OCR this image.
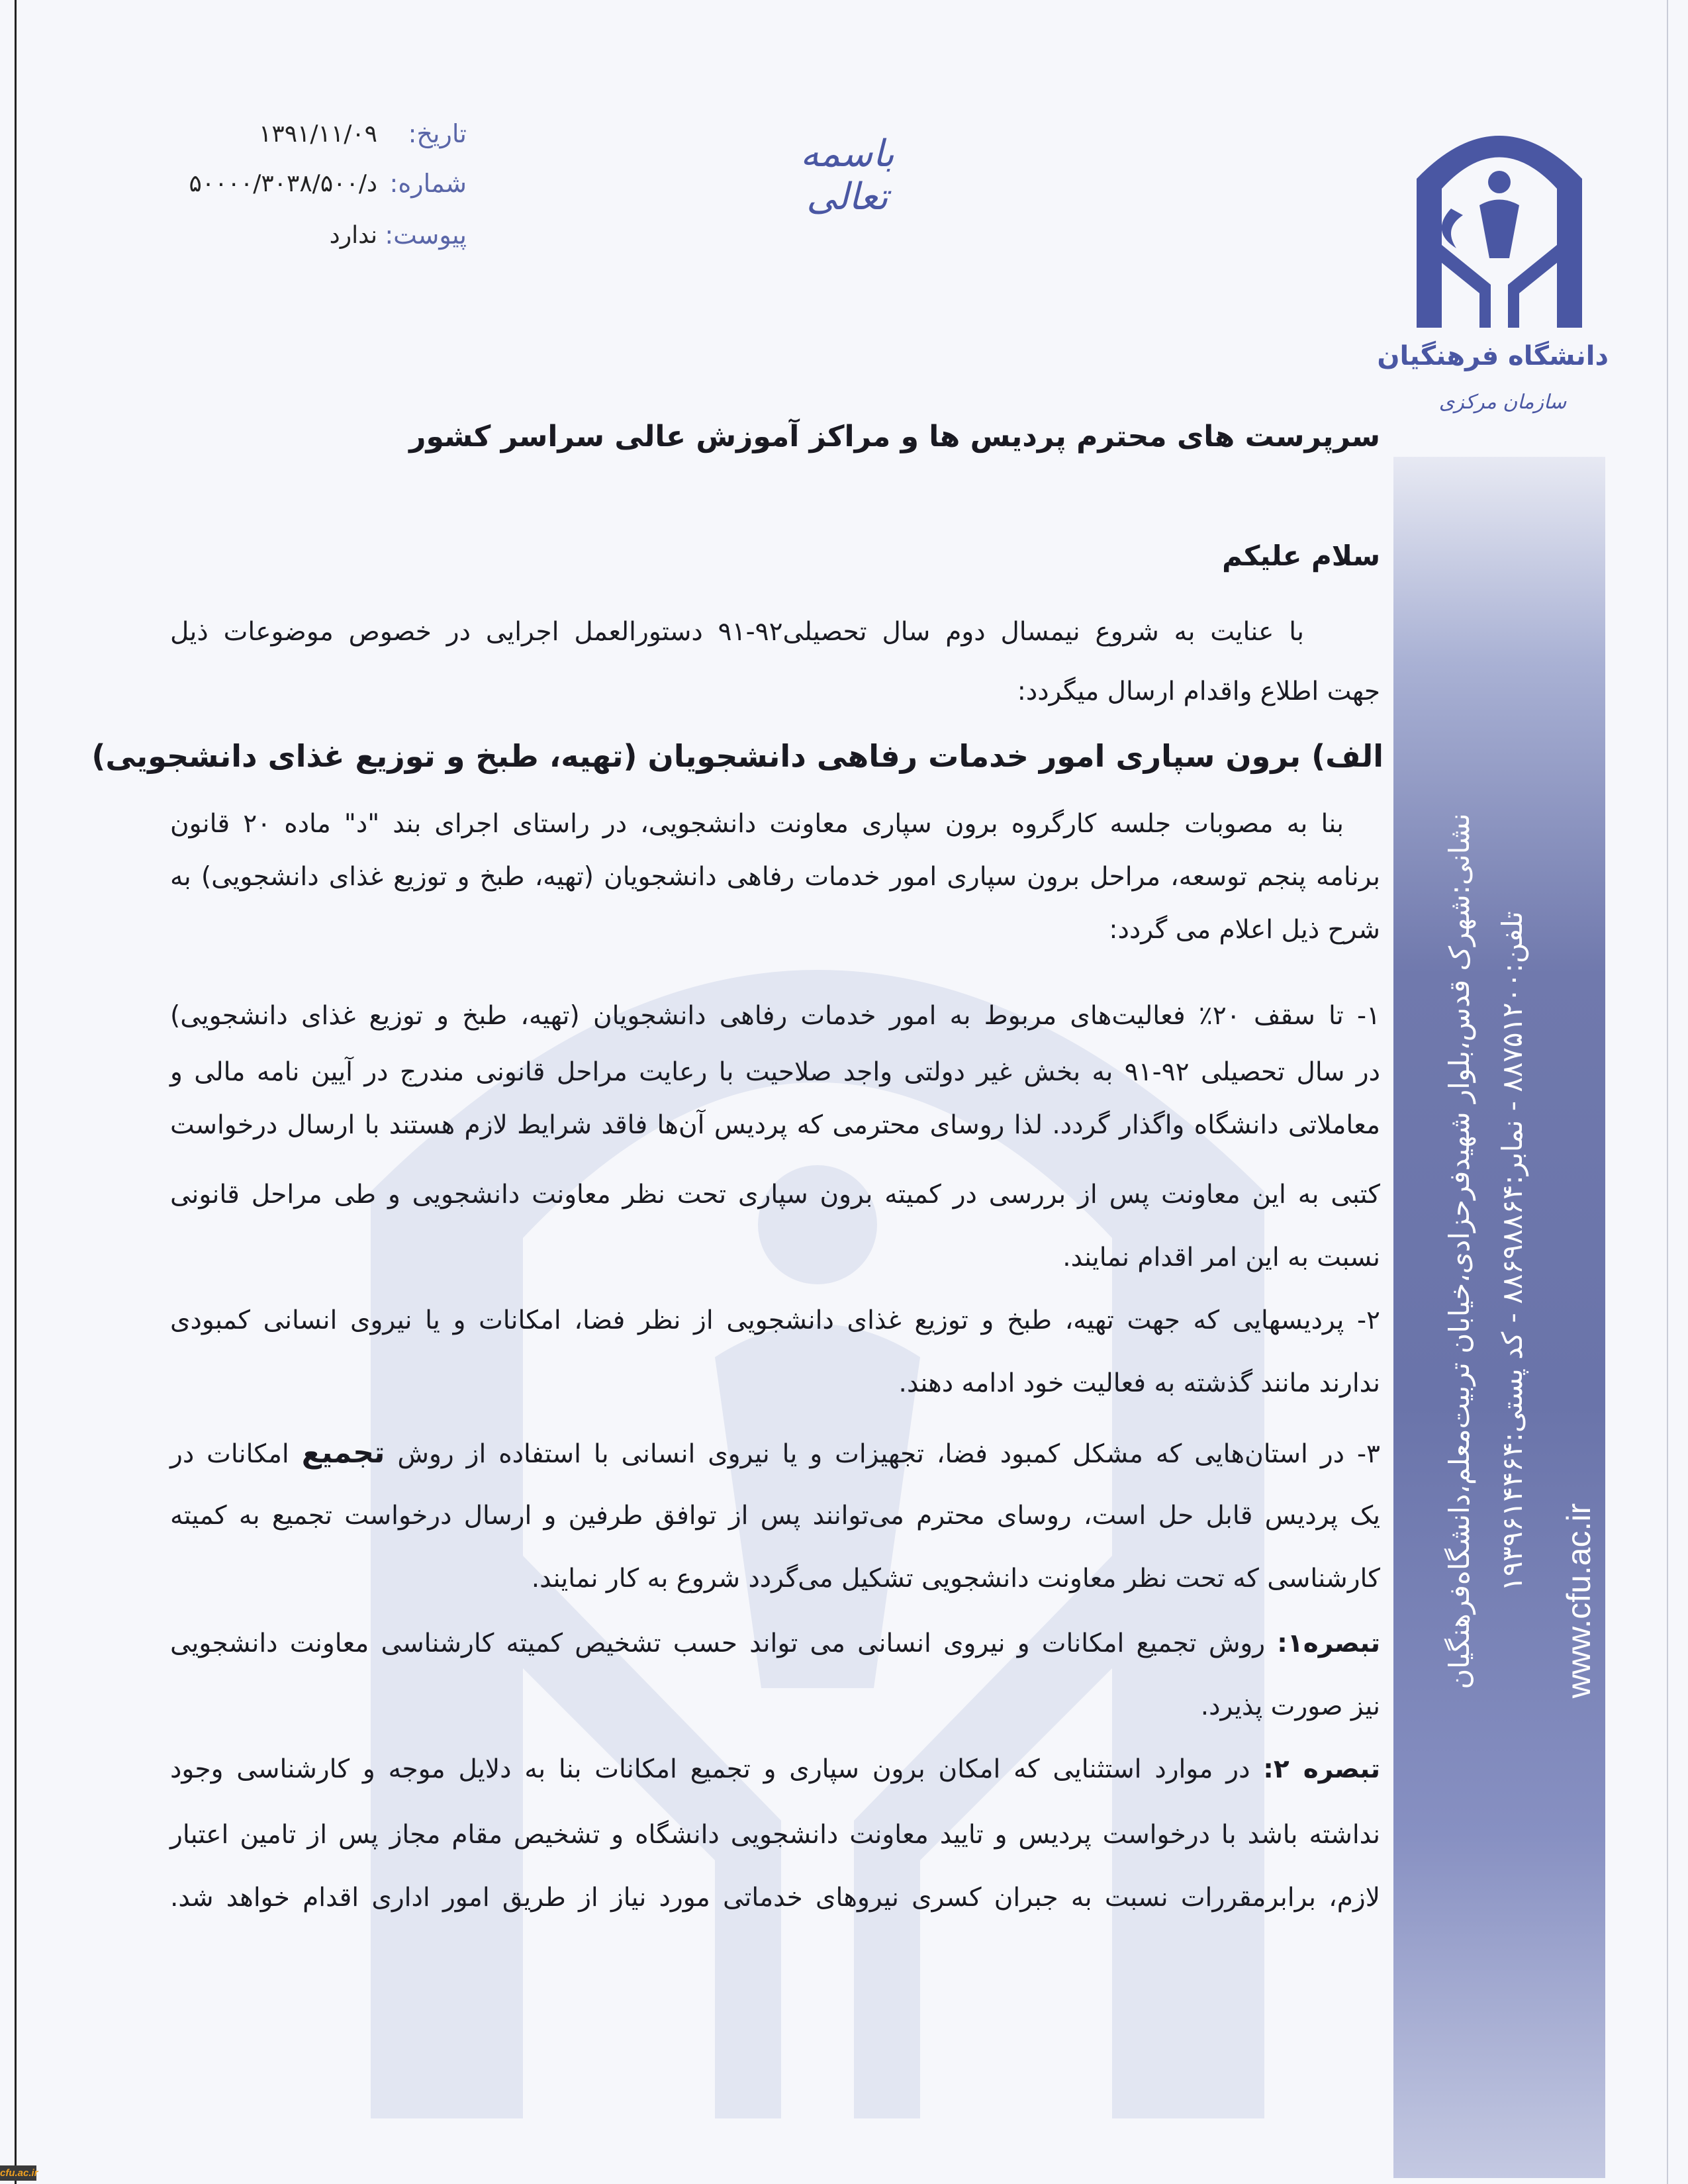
نشانی:شهرک قدس،بلوار شهیدفرحزادی،خیابان تربیت‌معلم،دانشگاه‌فرهنگیان تلفن:۸۸۷۵۱۲۰۰ - نمابر:۸۸۶۹۸۸۶۴ - کد پستی:۱۹۳۹۶۱۴۴۶۴
www.cfu.ac.ir
دانشگاه فرهنگیان
سازمان مرکزی
باسمه تعالی
تاریخ:
۱۳۹۱/۱۱/۰۹
شماره:
د/۵۰۰۰۰/۳۰۳۸/۵۰۰
پیوست:
ندارد
سرپرست های محترم پردیس ها و مراکز آموزش عالی سراسر کشور
سلام علیکم
با عنایت به شروع نیمسال دوم سال تحصیلی۹۲-۹۱ دستورالعمل اجرایی در خصوص موضوعات ذیل
جهت اطلاع واقدام ارسال میگردد:
الف) برون سپاری امور خدمات رفاهی دانشجویان (تهیه، طبخ و توزیع غذای دانشجویی)
بنا به مصوبات جلسه کارگروه برون سپاری معاونت دانشجویی، در راستای اجرای بند "د" ماده ۲۰ قانون
برنامه پنجم توسعه، مراحل برون سپاری امور خدمات رفاهی دانشجویان (تهیه، طبخ و توزیع غذای دانشجویی) به
شرح ذیل اعلام می گردد:
۱- تا سقف ۲۰٪ فعالیت‌های مربوط به امور خدمات رفاهی دانشجویان (تهیه، طبخ و توزیع غذای دانشجویی)
در سال تحصیلی ۹۲-۹۱ به بخش غیر دولتی واجد صلاحیت با رعایت مراحل قانونی مندرج در آیین نامه مالی و
معاملاتی دانشگاه واگذار گردد. لذا روسای محترمی که پردیس آن‌ها فاقد شرایط لازم هستند با ارسال درخواست
کتبی به این معاونت پس از بررسی در کمیته برون سپاری تحت نظر معاونت دانشجویی و طی مراحل قانونی
نسبت به این امر اقدام نمایند.
۲- پردیسهایی که جهت تهیه، طبخ و توزیع غذای دانشجویی از نظر فضا، امکانات و یا نیروی انسانی کمبودی
ندارند مانند گذشته به فعالیت خود ادامه دهند.
۳- در استان‌هایی که مشکل کمبود فضا، تجهیزات و یا نیروی انسانی با استفاده از روش تجمیع امکانات در
یک پردیس قابل حل است، روسای محترم می‌توانند پس از توافق طرفین و ارسال درخواست تجمیع به کمیته
کارشناسی که تحت نظر معاونت دانشجویی تشکیل می‌گردد شروع به کار نمایند.
تبصره۱: روش تجمیع امکانات و نیروی انسانی می تواند حسب تشخیص کمیته کارشناسی معاونت دانشجویی
نیز صورت پذیرد.
تبصره ۲: در موارد استثنایی که امکان برون سپاری و تجمیع امکانات بنا به دلایل موجه و کارشناسی وجود
نداشته باشد با درخواست پردیس و تایید معاونت دانشجویی دانشگاه و تشخیص مقام مجاز پس از تامین اعتبار
لازم، برابرمقررات نسبت به جبران کسری نیروهای خدماتی مورد نیاز از طریق امور اداری اقدام خواهد شد.
cfu.ac.ir
